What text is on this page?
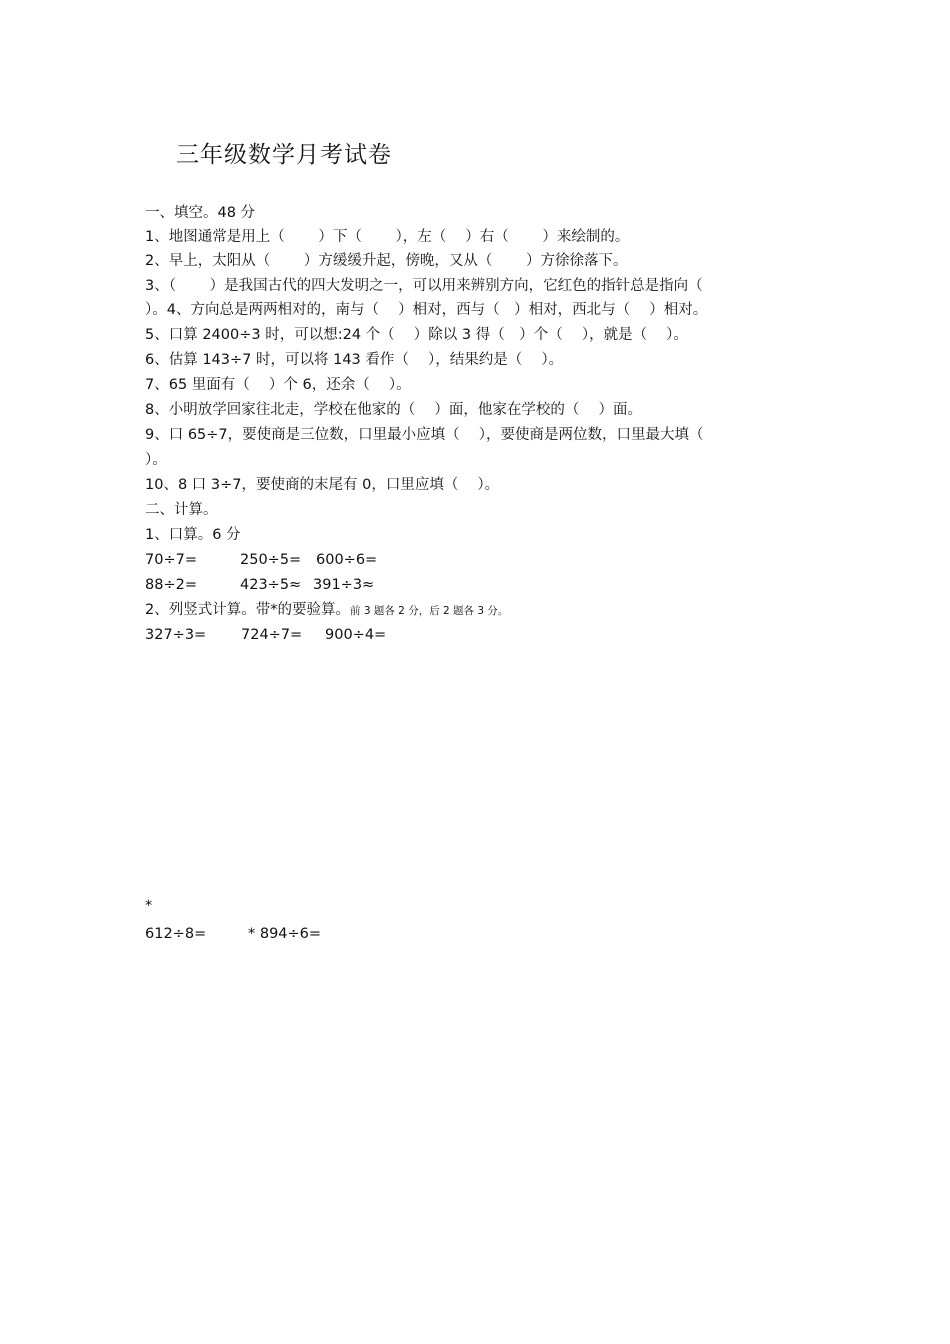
三年级数学月考试卷
一、填空。48 分
1、地图通常是用上（　　 ）下（　　 ），左（　 ）右（　　 ）来绘制的。
2、早上，太阳从（　　 ）方缓缓升起，傍晚，又从（　　 ）方徐徐落下。
3、（　　 ）是我国古代的四大发明之一，可以用来辨别方向，它红色的指针总是指向（
）。4、方向总是两两相对的，南与（　 ）相对，西与（　）相对，西北与（　 ）相对。
5、口算 2400÷3 时，可以想:24 个（　 ）除以 3 得（　）个（　 ），就是（　 ）。
6、估算 143÷7 时，可以将 143 看作（　 ），结果约是（　 ）。
7、65 里面有（　 ）个 6，还余（　 ）。
8、小明放学回家往北走，学校在他家的（　 ）面，他家在学校的（　 ）面。
9、口 65÷7，要使商是三位数，口里最小应填（　 ），要使商是两位数，口里最大填（
）。
10、8 口 3÷7，要使商的末尾有 0，口里应填（　 ）。
二、计算。
1、口算。6 分
70÷7=	250÷5= 600÷6=
88÷2=	423÷5≈ 391÷3≈
2、列竖式计算。带*的要验算。前 3 题各 2 分，后 2 题各 3 分。
327÷3= 724÷7= 900÷4=
*
612÷8=	* 894÷6=
